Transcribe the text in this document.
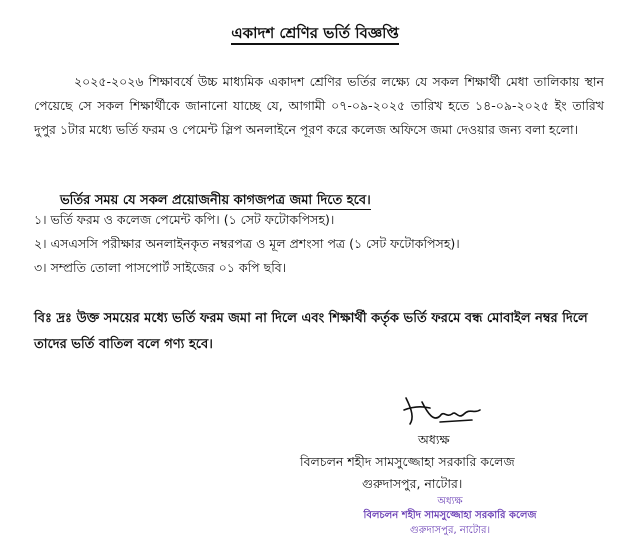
একাদশ শ্রেণির ভর্তি বিজ্ঞপ্তি

২০২৫-২০২৬ শিক্ষাবর্ষে উচ্চ মাধ্যমিক একাদশ শ্রেণির ভর্তির লক্ষ্যে যে সকল শিক্ষার্থী মেধা তালিকায় স্থান পেয়েছে সে সকল শিক্ষার্থীকে জানানো যাচ্ছে যে, আগামী ০৭-০৯-২০২৫ তারিখ হতে ১৪-০৯-২০২৫ ইং তারিখ দুপুর ১টার মধ্যে ভর্তি ফরম ও পেমেন্ট স্লিপ অনলাইনে পূরণ করে কলেজ অফিসে জমা দেওয়ার জন্য বলা হলো।

ভর্তির সময় যে সকল প্রয়োজনীয় কাগজপত্র জমা দিতে হবে।

১। ভর্তি ফরম ও কলেজ পেমেন্ট কপি। (১ সেট ফটোকপিসহ)।
২। এসএসসি পরীক্ষার অনলাইনকৃত নম্বরপত্র ও মূল প্রশংসা পত্র (১ সেট ফটোকপিসহ)।
৩। সম্প্রতি তোলা পাসপোর্ট সাইজের ০১ কপি ছবি।

বিঃ দ্রঃ উক্ত সময়ের মধ্যে ভর্তি ফরম জমা না দিলে এবং শিক্ষার্থী কর্তৃক ভর্তি ফরমে বন্ধ মোবাইল নম্বর দিলে তাদের ভর্তি বাতিল বলে গণ্য হবে।

অধ্যক্ষ
বিলচলন শহীদ সামসুজ্জোহা সরকারি কলেজ
গুরুদাসপুর, নাটোর।
অধ্যক্ষ
বিলচলন শহীদ সামসুজ্জোহা সরকারি কলেজ
গুরুদাসপুর, নাটোর।
